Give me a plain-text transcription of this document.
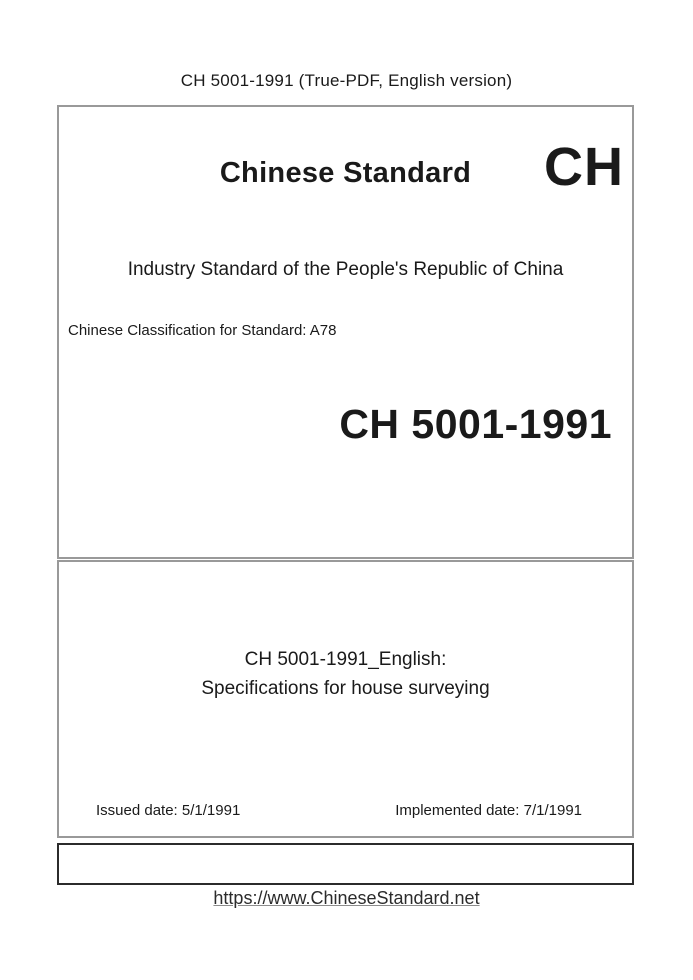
CH 5001-1991 (True-PDF, English version)
Chinese Standard	CH
Industry Standard of the People's Republic of China
Chinese Classification for Standard: A78
CH 5001-1991
CH 5001-1991_English:
Specifications for house surveying
Issued date: 5/1/1991	Implemented date: 7/1/1991
https://www.ChineseStandard.net
